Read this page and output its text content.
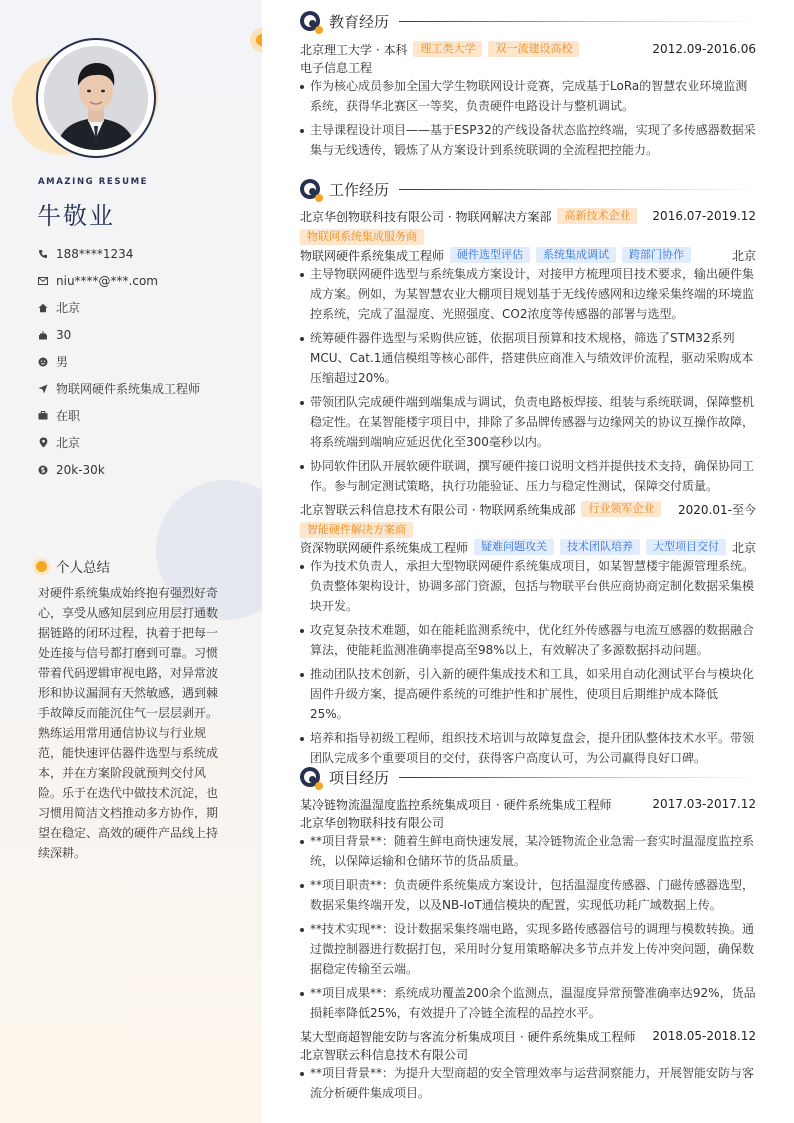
AMAZING RESUME
牛敬业
188****1234
niu****@***.com
北京
30
男
物联网硬件系统集成工程师
在职
北京
20k-30k
个人总结
对硬件系统集成始终抱有强烈好奇心，享受从感知层到应用层打通数据链路的闭环过程，执着于把每一处连接与信号都打磨到可靠。习惯带着代码逻辑审视电路，对异常波形和协议漏洞有天然敏感，遇到棘手故障反而能沉住气一层层剥开。熟练运用常用通信协议与行业规范，能快速评估器件选型与系统成本，并在方案阶段就预判交付风险。乐于在迭代中做技术沉淀，也习惯用简洁文档推动多方协作，期望在稳定、高效的硬件产品线上持续深耕。
教育经历
北京理工大学 · 本科	理工类大学	双一流建设高校	2012.09-2016.06
电子信息工程
作为核心成员参加全国大学生物联网设计竞赛，完成基于LoRa的智慧农业环境监测系统，获得华北赛区一等奖，负责硬件电路设计与整机调试。
主导课程设计项目——基于ESP32的产线设备状态监控终端，实现了多传感器数据采集与无线透传，锻炼了从方案设计到系统联调的全流程把控能力。
工作经历
北京华创物联科技有限公司 · 物联网解决方案部	高新技术企业	2016.07-2019.12
物联网系统集成服务商
物联网硬件系统集成工程师	硬件选型评估	系统集成调试	跨部门协作	北京
主导物联网硬件选型与系统集成方案设计，对接甲方梳理项目技术要求，输出硬件集成方案。例如，为某智慧农业大棚项目规划基于无线传感网和边缘采集终端的环境监控系统，完成了温湿度、光照强度、CO2浓度等传感器的部署与选型。
统筹硬件器件选型与采购供应链，依据项目预算和技术规格，筛选了STM32系列MCU、Cat.1通信模组等核心部件，搭建供应商准入与绩效评价流程，驱动采购成本压缩超过20%。
带领团队完成硬件端到端集成与调试，负责电路板焊接、组装与系统联调，保障整机稳定性。在某智能楼宇项目中，排除了多品牌传感器与边缘网关的协议互操作故障，将系统端到端响应延迟优化至300毫秒以内。
协同软件团队开展软硬件联调，撰写硬件接口说明文档并提供技术支持，确保协同工作。参与制定测试策略，执行功能验证、压力与稳定性测试，保障交付质量。
北京智联云科信息技术有限公司 · 物联网系统集成部	行业领军企业	2020.01-至今
智能硬件解决方案商
资深物联网硬件系统集成工程师	疑难问题攻关	技术团队培养	大型项目交付	北京
作为技术负责人，承担大型物联网硬件系统集成项目，如某智慧楼宇能源管理系统。负责整体架构设计，协调多部门资源，包括与物联平台供应商协商定制化数据采集模块开发。
攻克复杂技术难题，如在能耗监测系统中，优化红外传感器与电流互感器的数据融合算法，使能耗监测准确率提高至98%以上，有效解决了多源数据抖动问题。
推动团队技术创新，引入新的硬件集成技术和工具，如采用自动化测试平台与模块化固件升级方案，提高硬件系统的可维护性和扩展性，使项目后期维护成本降低25%。
培养和指导初级工程师，组织技术培训与故障复盘会，提升团队整体技术水平。带领团队完成多个重要项目的交付，获得客户高度认可，为公司赢得良好口碑。
项目经历
某冷链物流温湿度监控系统集成项目 · 硬件系统集成工程师	2017.03-2017.12
北京华创物联科技有限公司
**项目背景**：随着生鲜电商快速发展，某冷链物流企业急需一套实时温湿度监控系统，以保障运输和仓储环节的货品质量。
**项目职责**：负责硬件系统集成方案设计，包括温湿度传感器、门磁传感器选型，数据采集终端开发，以及NB-IoT通信模块的配置，实现低功耗广域数据上传。
**技术实现**：设计数据采集终端电路，实现多路传感器信号的调理与模数转换。通过微控制器进行数据打包，采用时分复用策略解决多节点并发上传冲突问题，确保数据稳定传输至云端。
**项目成果**：系统成功覆盖200余个监测点，温湿度异常预警准确率达92%，货品损耗率降低25%，有效提升了冷链全流程的品控水平。
某大型商超智能安防与客流分析集成项目 · 硬件系统集成工程师 2018.05-2018.12
北京智联云科信息技术有限公司
**项目背景**：为提升大型商超的安全管理效率与运营洞察能力，开展智能安防与客流分析硬件集成项目。
